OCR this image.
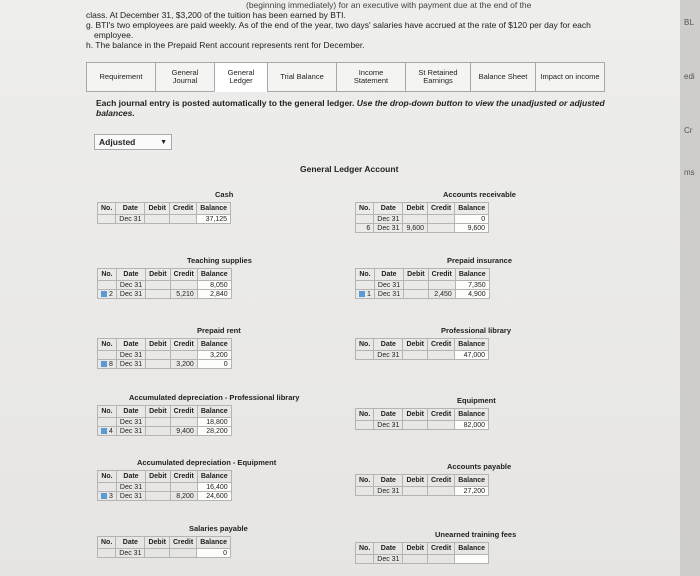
(beginning immediately) for an executive with payment due at the end of the
class. At December 31, $3,200 of the tuition has been earned by BTI.
g. BTI's two employees are paid weekly. As of the end of the year, two days' salaries have accrued at the rate of $120 per day for each
employee.
h. The balance in the Prepaid Rent account represents rent for December.
Requirement	General Journal
General Ledger	Trial Balance	Income Statement
St Retained Earnings	Balance Sheet	Impact on income
Each journal entry is posted automatically to the general ledger. Use the drop-down button to view the unadjusted or adjusted balances.
Adjusted	▼
General Ledger Account
Cash
No.	Date	Debit	Credit	Balance
	Dec 31			37,125
Accounts receivable
No.	Date	Debit	Credit	Balance
	Dec 31			0
6	Dec 31	9,600		9,600
Teaching supplies
No.	Date	Debit	Credit	Balance
	Dec 31			8,050
2	Dec 31		5,210	2,840
Prepaid insurance
No.	Date	Debit	Credit	Balance
	Dec 31			7,350
1	Dec 31		2,450	4,900
Prepaid rent
No.	Date	Debit	Credit	Balance
	Dec 31			3,200
8	Dec 31		3,200	0
Professional library
No.	Date	Debit	Credit	Balance
	Dec 31			47,000
Accumulated depreciation - Professional library
No.	Date	Debit	Credit	Balance
	Dec 31			18,800
4	Dec 31		9,400	28,200
Equipment
No.	Date	Debit	Credit	Balance
	Dec 31			82,000
Accumulated depreciation - Equipment
No.	Date	Debit	Credit	Balance
	Dec 31			16,400
3	Dec 31		8,200	24,600
Accounts payable
No.	Date	Debit	Credit	Balance
	Dec 31			27,200
Salaries payable
No.	Date	Debit	Credit	Balance
	Dec 31			0
Unearned training fees
No.	Date	Debit	Credit	Balance
	Dec 31			
BL
edi
Cr
ms
